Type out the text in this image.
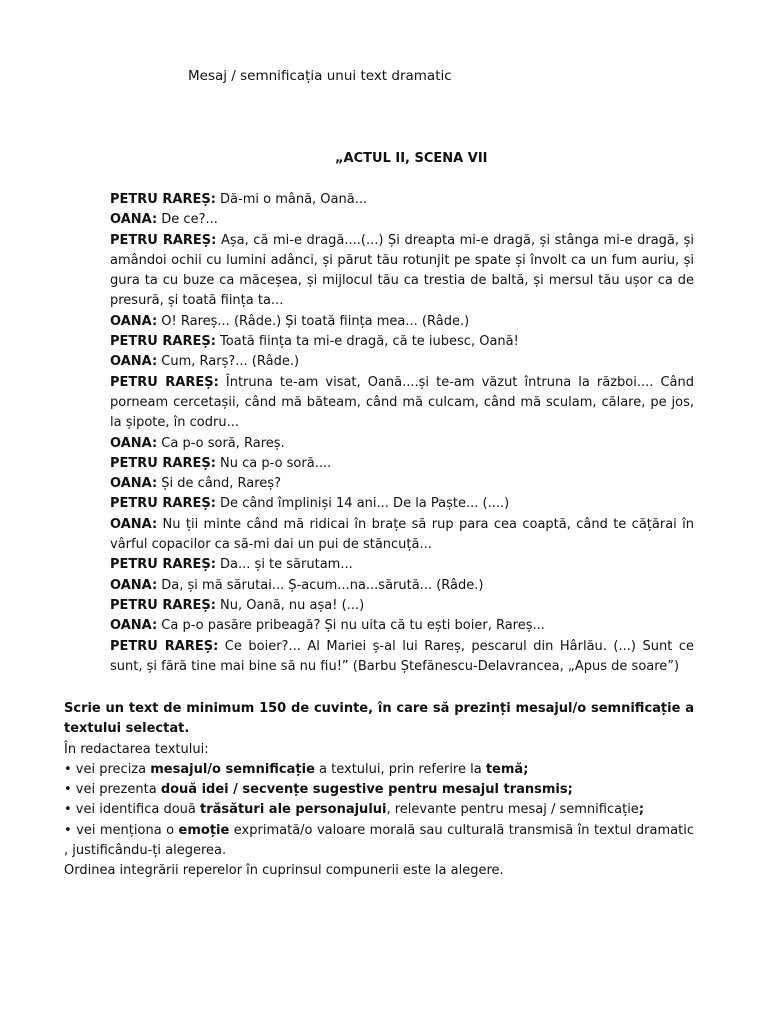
Mesaj / semnificația unui text dramatic
„ACTUL II, SCENA VII

PETRU RAREȘ: Dă-mi o mână, Oană...

OANA: De ce?...

PETRU RAREȘ: Așa, că mi-e dragă....(...) Și dreapta mi-e dragă, și stânga mi-e dragă, și amândoi ochii cu lumini adânci, și părut tău rotunjit pe spate și învolt ca un fum auriu, și gura ta cu buze ca măceșea, și mijlocul tău ca trestia de baltă, și mersul tău ușor ca de presură, și toată ființa ta...

OANA: O! Rareș... (Râde.) Și toată ființa mea... (Râde.)

PETRU RAREȘ: Toată ființa ta mi-e dragă, că te iubesc, Oană!

OANA: Cum, Rarș?... (Râde.)

PETRU RAREȘ: Întruna te-am visat, Oană....și te-am văzut întruna la război.... Când porneam cercetașii, când mă băteam, când mă culcam, când mă sculam, călare, pe jos, la șipote, în codru...

OANA: Ca p-o soră, Rareș.

PETRU RAREȘ: Nu ca p-o soră....

OANA: Și de când, Rareș?

PETRU RAREȘ: De când împliniși 14 ani... De la Paște... (....)

OANA: Nu ții minte când mă ridicai în brațe să rup para cea coaptă, când te cățărai în vârful copacilor ca să-mi dai un pui de stăncuță...

PETRU RAREȘ: Da... și te sărutam...

OANA: Da, și mă sărutai... Ș-acum...na...sărută... (Râde.)

PETRU RAREȘ: Nu, Oană, nu așa! (...)

OANA: Ca p-o pasăre pribeagă? Și nu uita că tu ești boier, Rareș...

PETRU RAREȘ: Ce boier?... Al Mariei ș-al lui Rareș, pescarul din Hârlău. (...) Sunt ce sunt, și fără tine mai bine să nu fiu!” (Barbu Ștefănescu-Delavrancea, „Apus de soare”)

Scrie un text de minimum 150 de cuvinte, în care să prezinți mesajul/o semnificație a textului selectat.

În redactarea textului:

• vei preciza mesajul/o semnificație a textului, prin referire la temă;

• vei prezenta două idei / secvențe sugestive pentru mesajul transmis;

• vei identifica două trăsături ale personajului, relevante pentru mesaj / semnificație;

• vei menționa o emoție exprimată/o valoare morală sau culturală transmisă în textul dramatic , justificându-ți alegerea.

Ordinea integrării reperelor în cuprinsul compunerii este la alegere.
